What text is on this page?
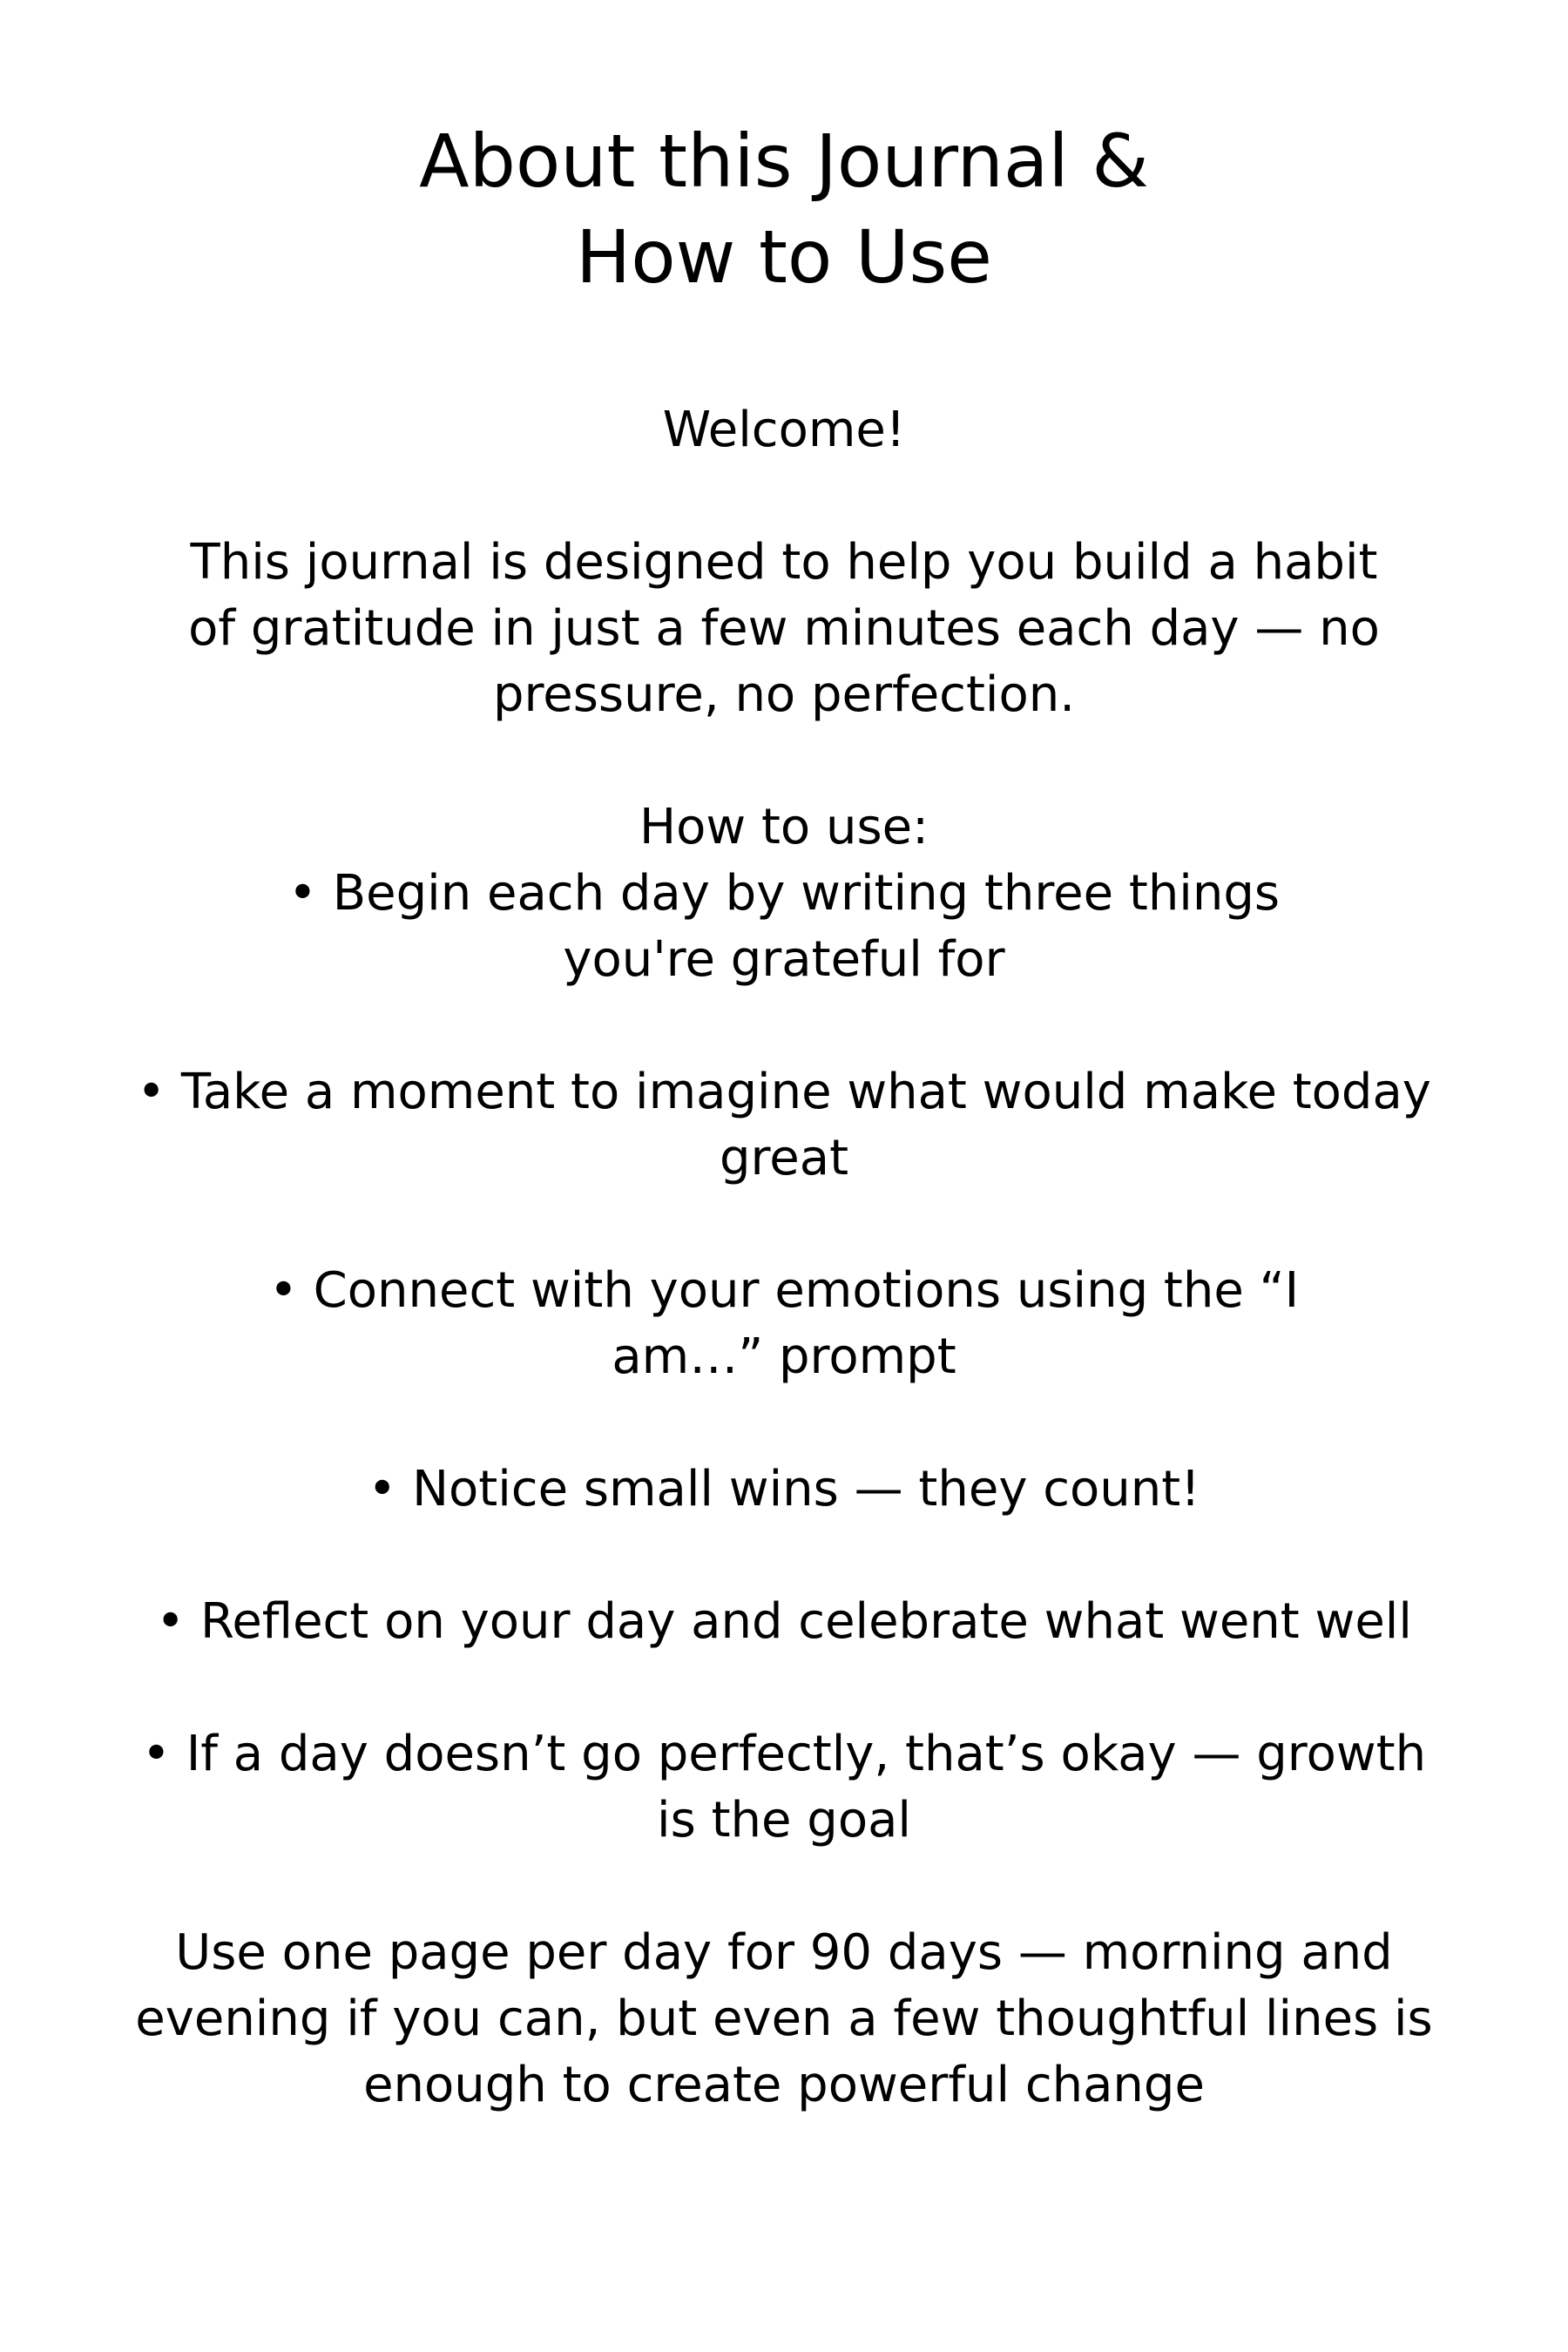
About this Journal &
How to Use

Welcome!

This journal is designed to help you build a habit of gratitude in just a few minutes each day — no pressure, no perfection.

How to use:

• Begin each day by writing three things you're grateful for
• Take a moment to imagine what would make today great
• Connect with your emotions using the “I am…” prompt
• Notice small wins — they count!
• Reflect on your day and celebrate what went well
• If a day doesn’t go perfectly, that’s okay — growth is the goal

Use one page per day for 90 days — morning and evening if you can, but even a few thoughtful lines is enough to create powerful change
